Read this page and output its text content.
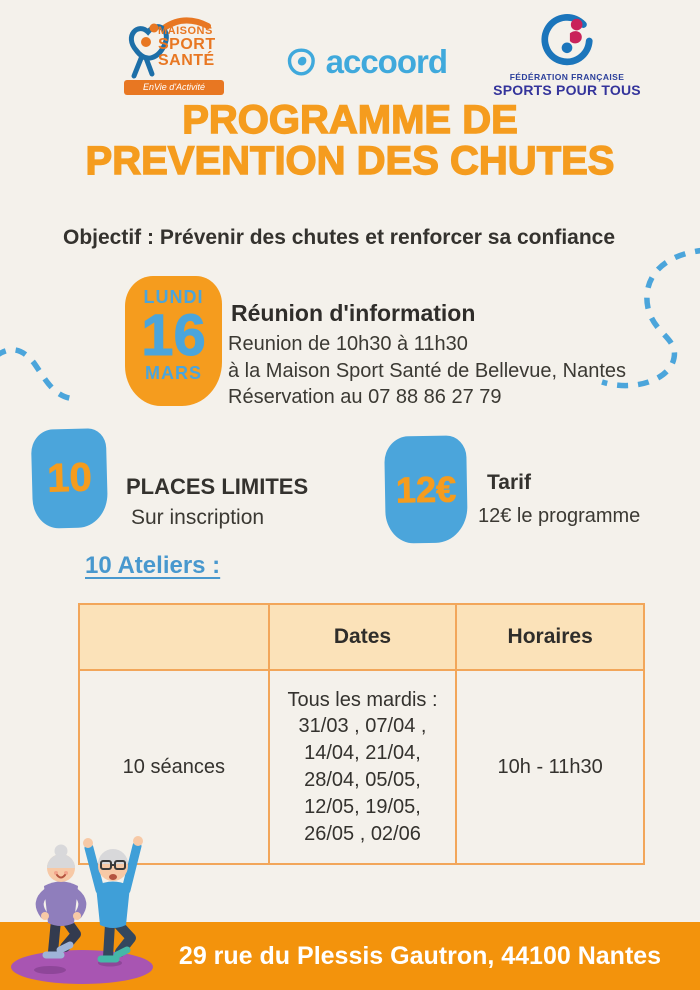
MAISONS
SPORT
SANTÉ
EnVie d'Activité
accoord	FÉDÉRATION FRANÇAISE
SPORTS POUR TOUS
PROGRAMME DE
PREVENTION DES CHUTES
Objectif : Prévenir des chutes et renforcer sa confiance
LUNDI
16
MARS
Réunion d'information
Reunion de 10h30 à 11h30
à la Maison Sport Santé de Bellevue, Nantes
Réservation au 07 88 86 27 79
10 PLACES LIMITES
Sur inscription
12€ Tarif
12€ le programme
10 Ateliers :
Dates	Horaires
10 séances
Tous les mardis :
31/03 , 07/04 ,
14/04, 21/04,
28/04, 05/05,
12/05, 19/05,
26/05 , 02/06
10h - 11h30
29 rue du Plessis Gautron, 44100 Nantes
